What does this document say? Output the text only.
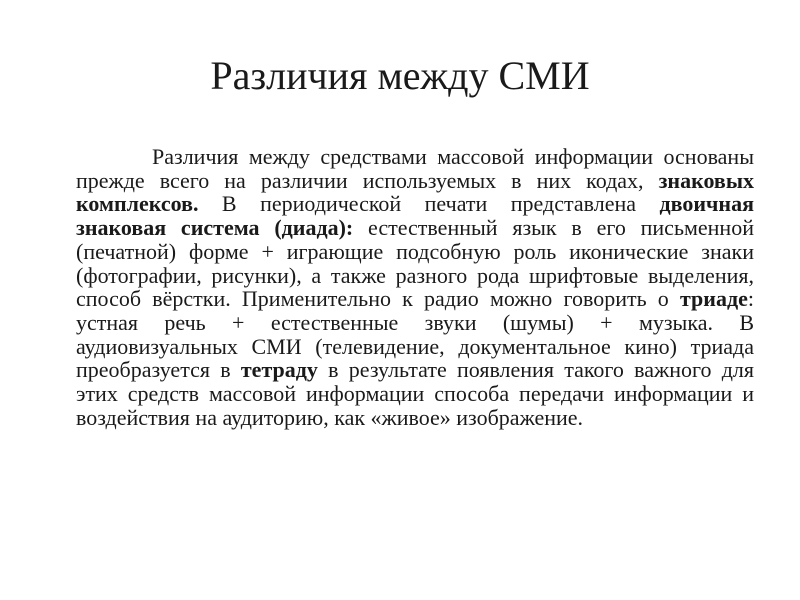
Различия между СМИ

Различия между средствами массовой информации основаны прежде всего на различии используемых в них кодах, знаковых комплексов. В периодической печати представлена двоичная знаковая система (диада): естественный язык в его письменной (печатной) форме + играющие подсобную роль иконические знаки (фотографии, рисунки), а также разного рода шрифтовые выделения, способ вёрстки. Применительно к радио можно говорить о триаде: устная речь + естественные звуки (шумы) + музыка. В аудиовизуальных СМИ (телевидение, документальное кино) триада преобразуется в тетраду в результате появления такого важного для этих средств массовой информации способа передачи информации и воздействия на аудиторию, как «живое» изображение.
